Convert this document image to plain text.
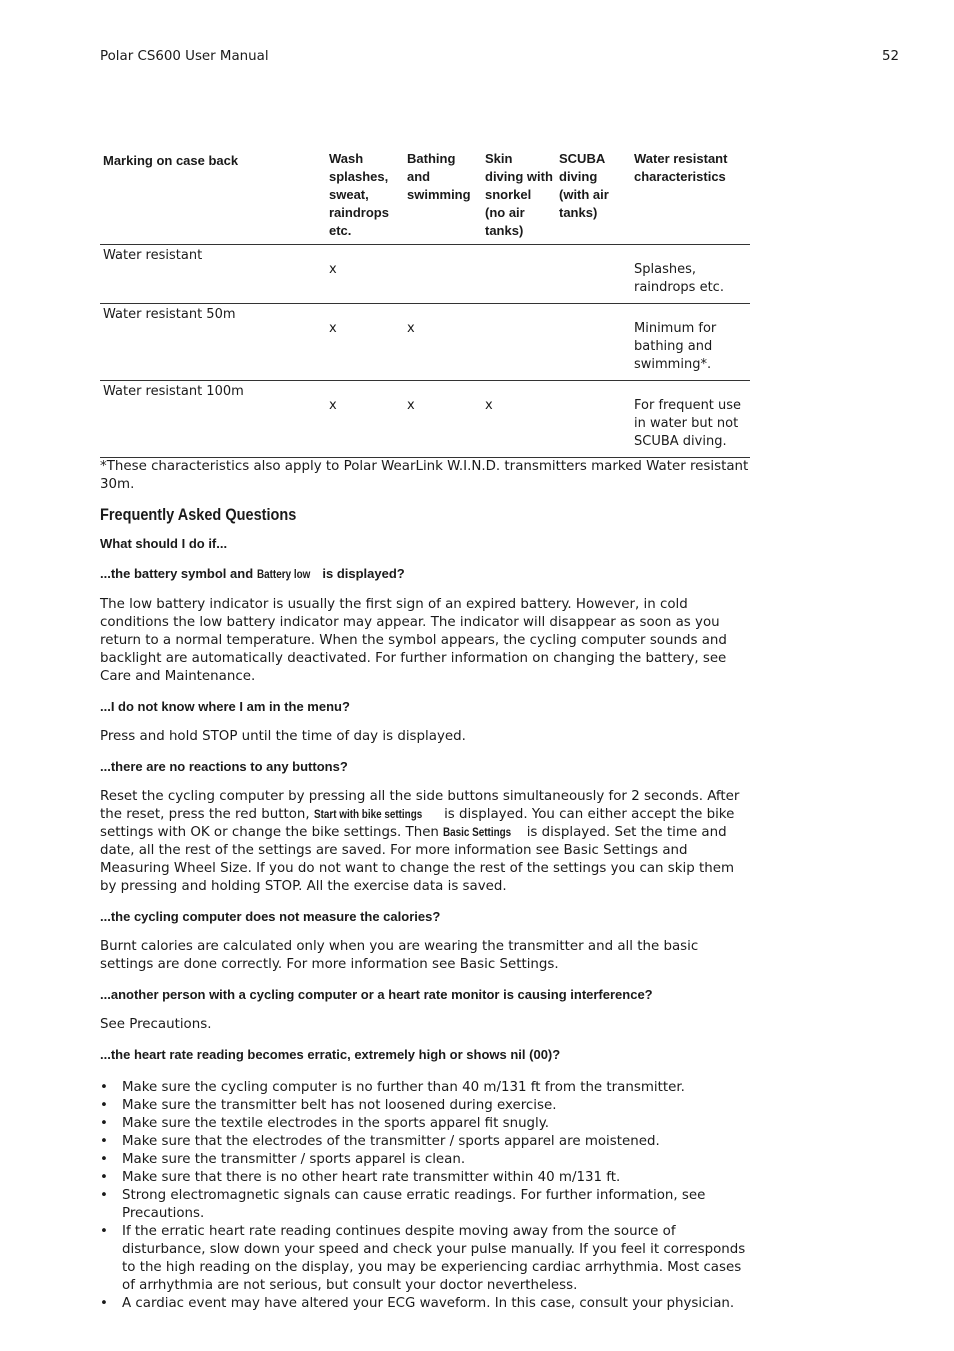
Polar CS600 User Manual	52
Marking on case back	Wash splashes, sweat, raindrops etc.	Bathing and swimming	Skin diving with snorkel (no air tanks)	SCUBA diving (with air tanks)	Water resistant characteristics
Water resistant	x				Splashes, raindrops etc.
Water resistant 50m	x	x			Minimum for bathing and swimming*.
Water resistant 100m	x	x	x		For frequent use in water but not SCUBA diving.

*These characteristics also apply to Polar WearLink W.I.N.D. transmitters marked Water resistant 30m.

Frequently Asked Questions

What should I do if...

...the battery symbol and Battery low is displayed?

The low battery indicator is usually the first sign of an expired battery. However, in cold conditions the low battery indicator may appear. The indicator will disappear as soon as you return to a normal temperature. When the symbol appears, the cycling computer sounds and backlight are automatically deactivated. For further information on changing the battery, see Care and Maintenance.

...I do not know where I am in the menu?

Press and hold STOP until the time of day is displayed.

...there are no reactions to any buttons?

Reset the cycling computer by pressing all the side buttons simultaneously for 2 seconds. After the reset, press the red button, Start with bike settings is displayed. You can either accept the bike settings with OK or change the bike settings. Then Basic Settings is displayed. Set the time and date, all the rest of the settings are saved. For more information see Basic Settings and Measuring Wheel Size. If you do not want to change the rest of the settings you can skip them by pressing and holding STOP. All the exercise data is saved.

...the cycling computer does not measure the calories?

Burnt calories are calculated only when you are wearing the transmitter and all the basic settings are done correctly. For more information see Basic Settings.

...another person with a cycling computer or a heart rate monitor is causing interference?

See Precautions.

...the heart rate reading becomes erratic, extremely high or shows nil (00)?

• Make sure the cycling computer is no further than 40 m/131 ft from the transmitter.
• Make sure the transmitter belt has not loosened during exercise.
• Make sure the textile electrodes in the sports apparel fit snugly.
• Make sure that the electrodes of the transmitter / sports apparel are moistened.
• Make sure the transmitter / sports apparel is clean.
• Make sure that there is no other heart rate transmitter within 40 m/131 ft.
• Strong electromagnetic signals can cause erratic readings. For further information, see Precautions.
• If the erratic heart rate reading continues despite moving away from the source of disturbance, slow down your speed and check your pulse manually. If you feel it corresponds to the high reading on the display, you may be experiencing cardiac arrhythmia. Most cases of arrhythmia are not serious, but consult your doctor nevertheless.
• A cardiac event may have altered your ECG waveform. In this case, consult your physician.
